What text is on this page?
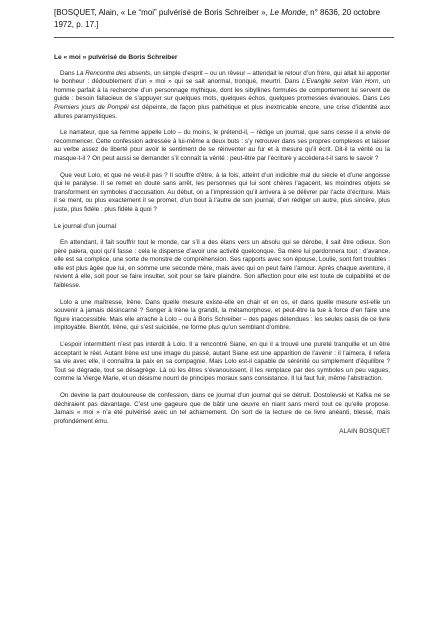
[BOSQUET, Alain, « Le “moi” pulvérisé de Boris Schreiber », Le Monde, n° 8636, 20 octobre 1972, p. 17.]
Le « moi » pulvérisé de Boris Schreiber

Dans La Rencontre des absents, un simple d’esprit – ou un rêveur – attendait le retour d’un frère, qui allait lui apporter le bonheur : dédoublement d’un « moi » qui se sait anormal, tronqué, meurtri. Dans L’Evangile selon Van Horn, un homme parfait à la recherche d’un personnage mythique, dont les sibyllines formules de comportement lui servent de guide : besoin fallacieux de s’appuyer sur quelques mots, quelques échos, quelques promesses évanouies. Dans Les Premiers jours de Pompéi est dépeinte, de façon plus pathétique et plus inextricable encore, une crise d’identité aux allures paramystiques.

Le narrateur, que sa femme appelle Lolo – du moins, le prétend-il, – rédige un journal, que sans cesse il a envie de recommencer. Cette confession adressée à lui-même a deux buts : s’y retrouver dans ses propres complexes et laisser au verbe assez de liberté pour avoir le sentiment de se réinventer au fur et à mesure qu’il écrit. Dit-il la vérité ou la masque-t-il ? On peut aussi se demander s’il connaît la vérité : peut-être par l’écriture y accèdera-t-il sans le savoir ?

Que veut Lolo, et que ne veut-il pas ? Il souffre d’être, à la fois, atteint d’un indicible mal du siècle et d’une angoisse qui le paralyse. Il se remet en doute sans arrêt, les personnes qui lui sont chères l’agacent, les moindres objets se transforment en symboles d’accusation. Au début, on a l’impression qu’il arrivera à se délivrer par l’acte d’écriture. Mais il se ment, ou plus exactement il se promet, d’un bout à l’autre de son journal, d’en rédiger un autre, plus sincère, plus juste, plus fidèle : plus fidèle à quoi ?

Le journal d’un journal

En attendant, il fait souffrir tout le monde, car s’il a des élans vers un absolu qui se dérobe, il sait être odieux. Son père paiera, quoi qu’il fasse : cela le dispense d’avoir une activité quelconque. Sa mère lui pardonnera tout : d’avance, elle est sa complice, une sorte de monstre de compréhension. Ses rapports avec son épouse, Loulie, sont fort troubles : elle est plus âgée que lui, en somme une seconde mère, mais avec qui on peut faire l’amour. Après chaque aventure, il revient à elle, soit pour se faire insulter, soit pour se faire plaindre. Son affection pour elle est toute de culpabilité et de faiblesse.

Lolo a une maîtresse, Irène. Dans quelle mesure existe-elle en chair et en os, et dans quelle mesure est-elle un souvenir à jamais désincarné ? Songer à Irène la grandit, la métamorphose, et peut-être la tue à force d’en faire une figure inaccessible. Mais elle arrache à Lolo – ou à Boris Schreiber – des pages détendues : les seules oasis de ce livre impitoyable. Bientôt, Irène, qui s’est suicidée, ne forme plus qu’un semblant d’ombre.

L’espoir intermittent n’est pas interdit à Lolo. Il a rencontré Siane, en qui il a trouvé une pureté tranquille et un être acceptant le réel. Autant Irène est une image du passé, autant Siane est une apparition de l’avenir : il l’aimera, il refera sa vie avec elle, il connaîtra la paix en sa compagnie. Mais Lolo est-il capable de sérénité ou simplement d’équilibre ? Tout se dégrade, tout se désagrège. Là où les êtres s’évanouissent, il les remplace par des symboles un peu vagues, comme la Vierge Marie, et un désisme nourri de principes moraux sans consistance. Il lui faut fuir, même l’abstraction.

On devine la part douloureuse de confession, dans ce journal d’un journal qui se détruit. Dostoïevski et Kafka ne se déchiraient pas davantage. C’est une gageure que de bâtir une œuvre en niant sans merci tout ce qu’elle propose. Jamais « moi » n’a été pulvérisé avec un tel acharnement. On sort de la lecture de ce livre anéanti, blessé, mais profondément ému.

ALAIN BOSQUET
